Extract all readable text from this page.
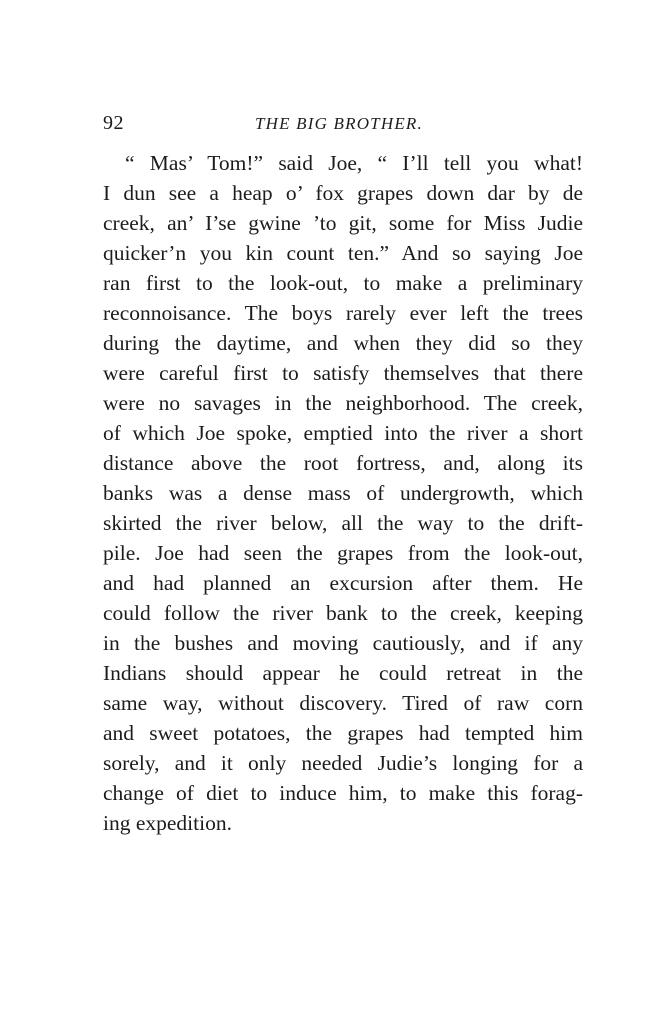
92	THE BIG BROTHER.
“ Mas’ Tom!” said Joe, “ I’ll tell you what!
I dun see a heap o’ fox grapes down dar by de
creek, an’ I’se gwine ’to git, some for Miss Judie
quicker’n you kin count ten.” And so saying Joe
ran first to the look-out, to make a preliminary
reconnoisance. The boys rarely ever left the trees
during the daytime, and when they did so they
were careful first to satisfy themselves that there
were no savages in the neighborhood. The creek,
of which Joe spoke, emptied into the river a short
distance above the root fortress, and, along its
banks was a dense mass of undergrowth, which
skirted the river below, all the way to the drift-
pile. Joe had seen the grapes from the look-out,
and had planned an excursion after them. He
could follow the river bank to the creek, keeping
in the bushes and moving cautiously, and if any
Indians should appear he could retreat in the
same way, without discovery. Tired of raw corn
and sweet potatoes, the grapes had tempted him
sorely, and it only needed Judie’s longing for a
change of diet to induce him, to make this forag-
ing expedition.
